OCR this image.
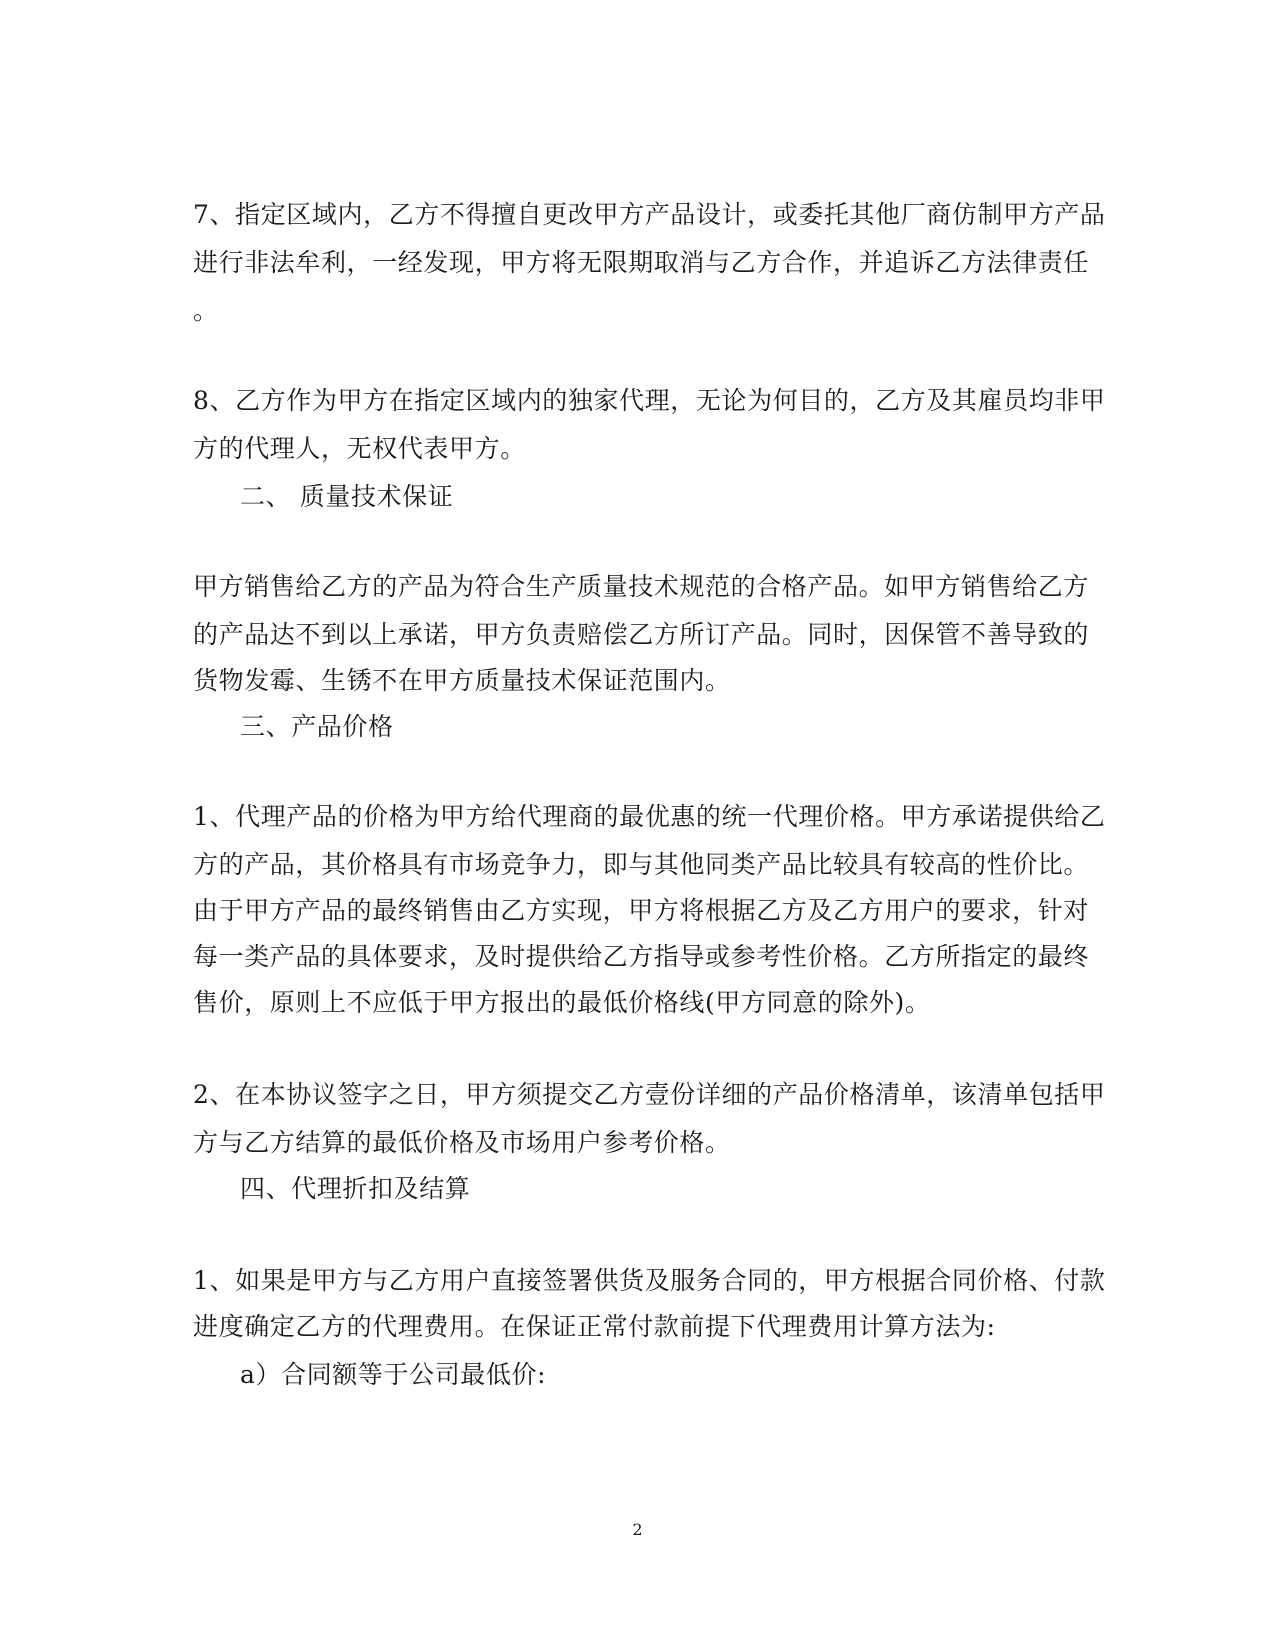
7、指定区域内，乙方不得擅自更改甲方产品设计，或委托其他厂商仿制甲方产品
进行非法牟利，一经发现，甲方将无限期取消与乙方合作，并追诉乙方法律责任
。
8、乙方作为甲方在指定区域内的独家代理，无论为何目的，乙方及其雇员均非甲
方的代理人，无权代表甲方。
二、 质量技术保证
甲方销售给乙方的产品为符合生产质量技术规范的合格产品。如甲方销售给乙方
的产品达不到以上承诺，甲方负责赔偿乙方所订产品。同时，因保管不善导致的
货物发霉、生锈不在甲方质量技术保证范围内。
三、产品价格
1、代理产品的价格为甲方给代理商的最优惠的统一代理价格。甲方承诺提供给乙
方的产品，其价格具有市场竞争力，即与其他同类产品比较具有较高的性价比。
由于甲方产品的最终销售由乙方实现，甲方将根据乙方及乙方用户的要求，针对
每一类产品的具体要求，及时提供给乙方指导或参考性价格。乙方所指定的最终
售价，原则上不应低于甲方报出的最低价格线(甲方同意的除外)。
2、在本协议签字之日，甲方须提交乙方壹份详细的产品价格清单，该清单包括甲
方与乙方结算的最低价格及市场用户参考价格。
四、代理折扣及结算
1、如果是甲方与乙方用户直接签署供货及服务合同的，甲方根据合同价格、付款
进度确定乙方的代理费用。在保证正常付款前提下代理费用计算方法为:
a）合同额等于公司最低价:
2
